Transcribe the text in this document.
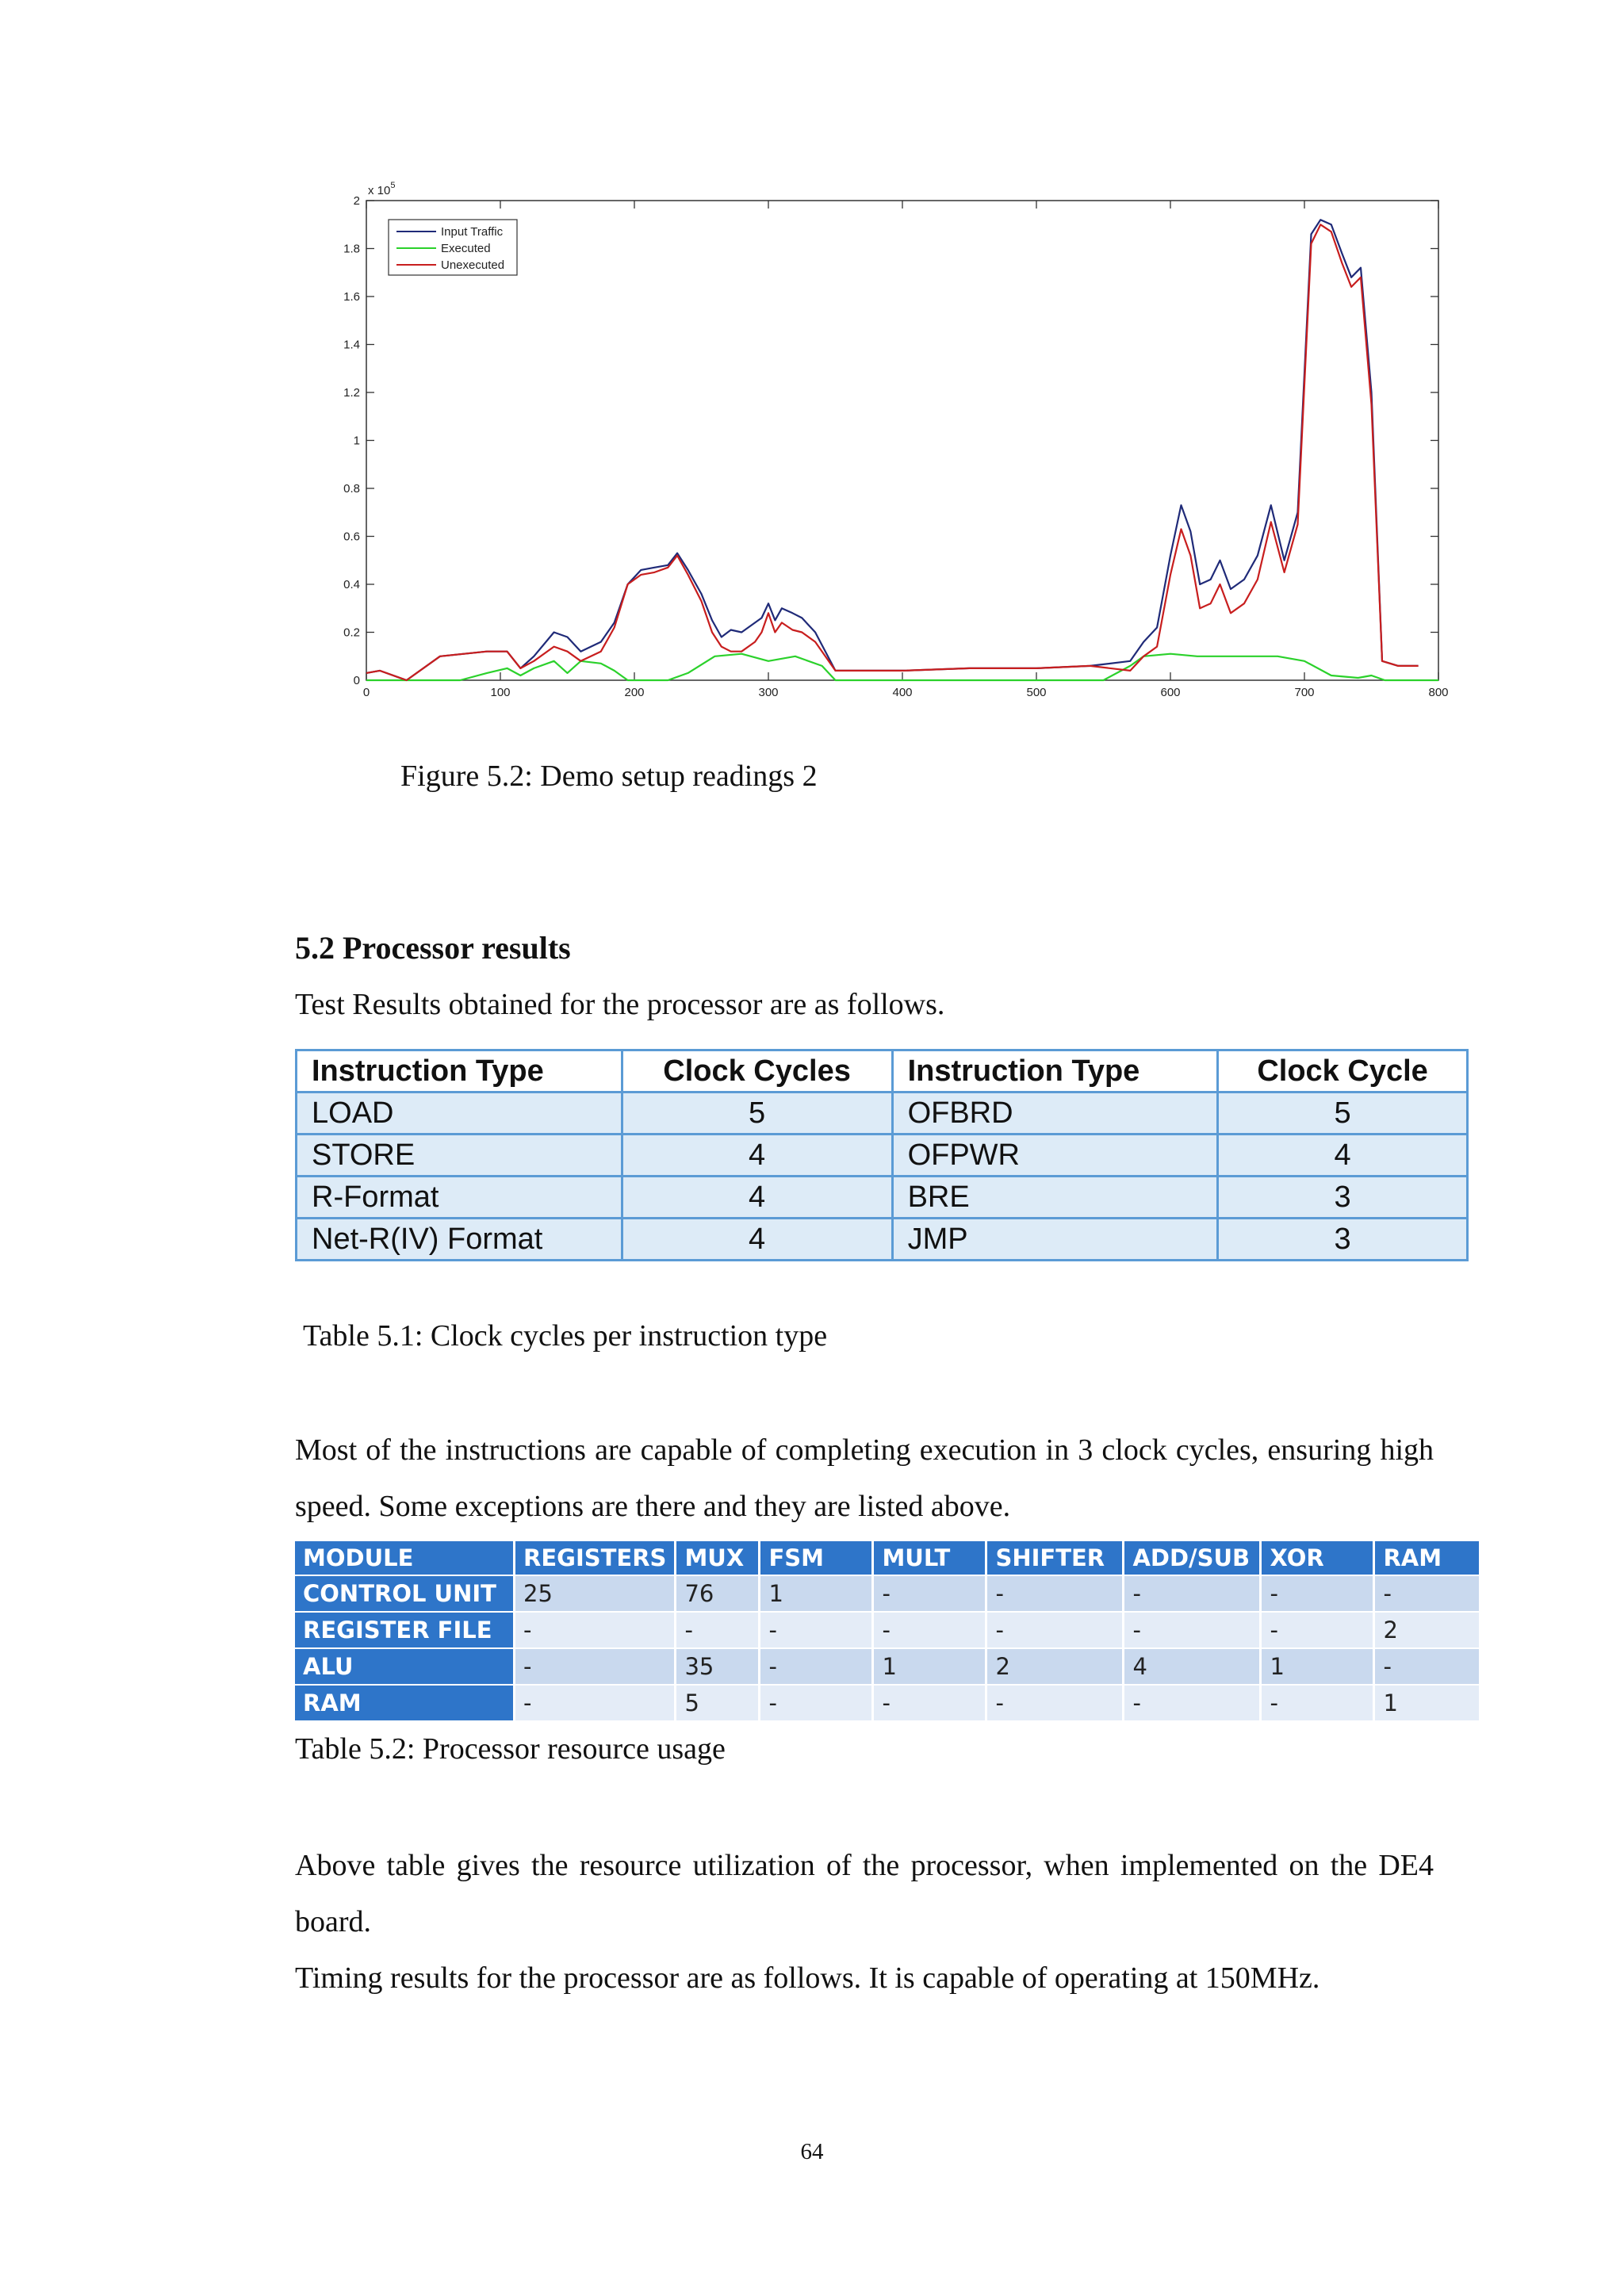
0	100	200	300	400	500	600	700	800
0
0.2
0.4
0.6
0.8
1
1.2
1.4
1.6
1.8
2
x $10^5$
Input Traffic
Executed
Unexecuted
Figure 5.2: Demo setup readings 2
5.2 Processor results
Test Results obtained for the processor are as follows.
Instruction Type	Clock Cycles	Instruction Type	Clock Cycle
LOAD	5	OFBRD	5
STORE	4	OFPWR	4
R-Format	4	BRE	3
Net-R(IV) Format	4	JMP	3
Table 5.1: Clock cycles per instruction type
Most of the instructions are capable of completing execution in 3 clock cycles, ensuring high speed. Some exceptions are there and they are listed above.
MODULE	REGISTERS	MUX	FSM	MULT	SHIFTER	ADD/SUB	XOR	RAM
CONTROL UNIT	25	76	1	-	-	-	-	-
REGISTER FILE	-	-	-	-	-	-	-	2
ALU	-	35	-	1	2	4	1	-
RAM	-	5	-	-	-	-	-	1
Table 5.2: Processor resource usage
Above table gives the resource utilization of the processor, when implemented on the DE4 board.
Timing results for the processor are as follows. It is capable of operating at 150MHz.
64
